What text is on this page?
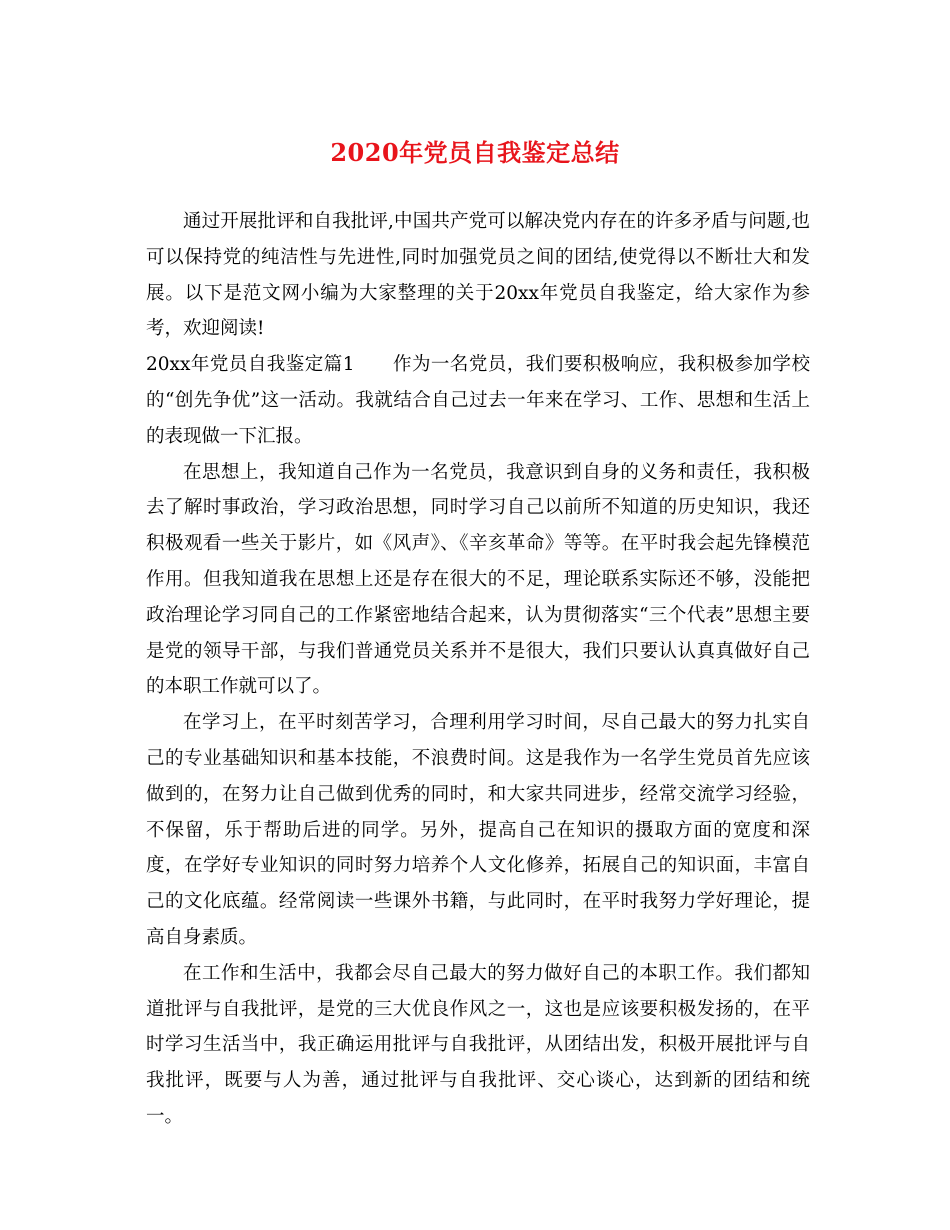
2020年党员自我鉴定总结

通过开展批评和自我批评,中国共产党可以解决党内存在的许多矛盾与问题,也可以保持党的纯洁性与先进性,同时加强党员之间的团结,使党得以不断壮大和发展。以下是范文网小编为大家整理的关于20xx年党员自我鉴定，给大家作为参考，欢迎阅读!

20xx年党员自我鉴定篇1 作为一名党员，我们要积极响应，我积极参加学校的“创先争优”这一活动。我就结合自己过去一年来在学习、工作、思想和生活上的表现做一下汇报。

在思想上，我知道自己作为一名党员，我意识到自身的义务和责任，我积极去了解时事政治，学习政治思想，同时学习自己以前所不知道的历史知识，我还积极观看一些关于影片，如《风声》、《辛亥革命》等等。在平时我会起先锋模范作用。但我知道我在思想上还是存在很大的不足，理论联系实际还不够，没能把政治理论学习同自己的工作紧密地结合起来，认为贯彻落实“三个代表”思想主要是党的领导干部，与我们普通党员关系并不是很大，我们只要认认真真做好自己的本职工作就可以了。

在学习上，在平时刻苦学习，合理利用学习时间，尽自己最大的努力扎实自己的专业基础知识和基本技能，不浪费时间。这是我作为一名学生党员首先应该做到的，在努力让自己做到优秀的同时，和大家共同进步，经常交流学习经验，不保留，乐于帮助后进的同学。另外，提高自己在知识的摄取方面的宽度和深度，在学好专业知识的同时努力培养个人文化修养，拓展自己的知识面，丰富自己的文化底蕴。经常阅读一些课外书籍，与此同时，在平时我努力学好理论，提高自身素质。

在工作和生活中，我都会尽自己最大的努力做好自己的本职工作。我们都知道批评与自我批评，是党的三大优良作风之一，这也是应该要积极发扬的，在平时学习生活当中，我正确运用批评与自我批评，从团结出发，积极开展批评与自我批评，既要与人为善，通过批评与自我批评、交心谈心，达到新的团结和统一。
